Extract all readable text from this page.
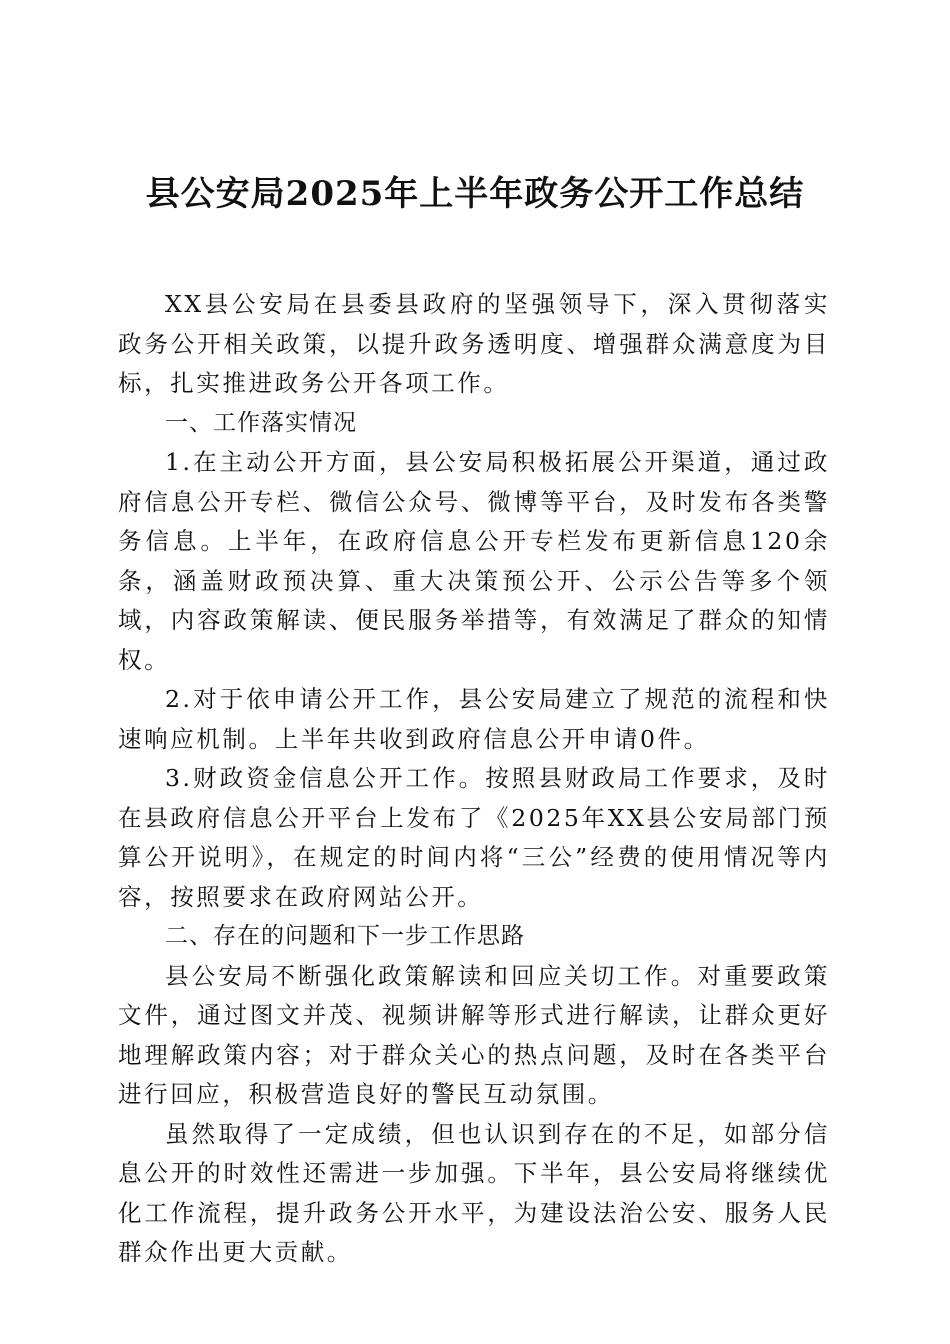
县公安局2025年上半年政务公开工作总结

XX县公安局在县委县政府的坚强领导下，深入贯彻落实政务公开相关政策，以提升政务透明度、增强群众满意度为目标，扎实推进政务公开各项工作。

一、工作落实情况

1.在主动公开方面，县公安局积极拓展公开渠道，通过政府信息公开专栏、微信公众号、微博等平台，及时发布各类警务信息。上半年，在政府信息公开专栏发布更新信息120余条，涵盖财政预决算、重大决策预公开、公示公告等多个领域，内容政策解读、便民服务举措等，有效满足了群众的知情权。

2.对于依申请公开工作，县公安局建立了规范的流程和快速响应机制。上半年共收到政府信息公开申请0件。

3.财政资金信息公开工作。按照县财政局工作要求，及时在县政府信息公开平台上发布了《2025年XX县公安局部门预算公开说明》，在规定的时间内将“三公”经费的使用情况等内容，按照要求在政府网站公开。

二、存在的问题和下一步工作思路

县公安局不断强化政策解读和回应关切工作。对重要政策文件，通过图文并茂、视频讲解等形式进行解读，让群众更好地理解政策内容；对于群众关心的热点问题，及时在各类平台进行回应，积极营造良好的警民互动氛围。

虽然取得了一定成绩，但也认识到存在的不足，如部分信息公开的时效性还需进一步加强。下半年，县公安局将继续优化工作流程，提升政务公开水平，为建设法治公安、服务人民群众作出更大贡献。
